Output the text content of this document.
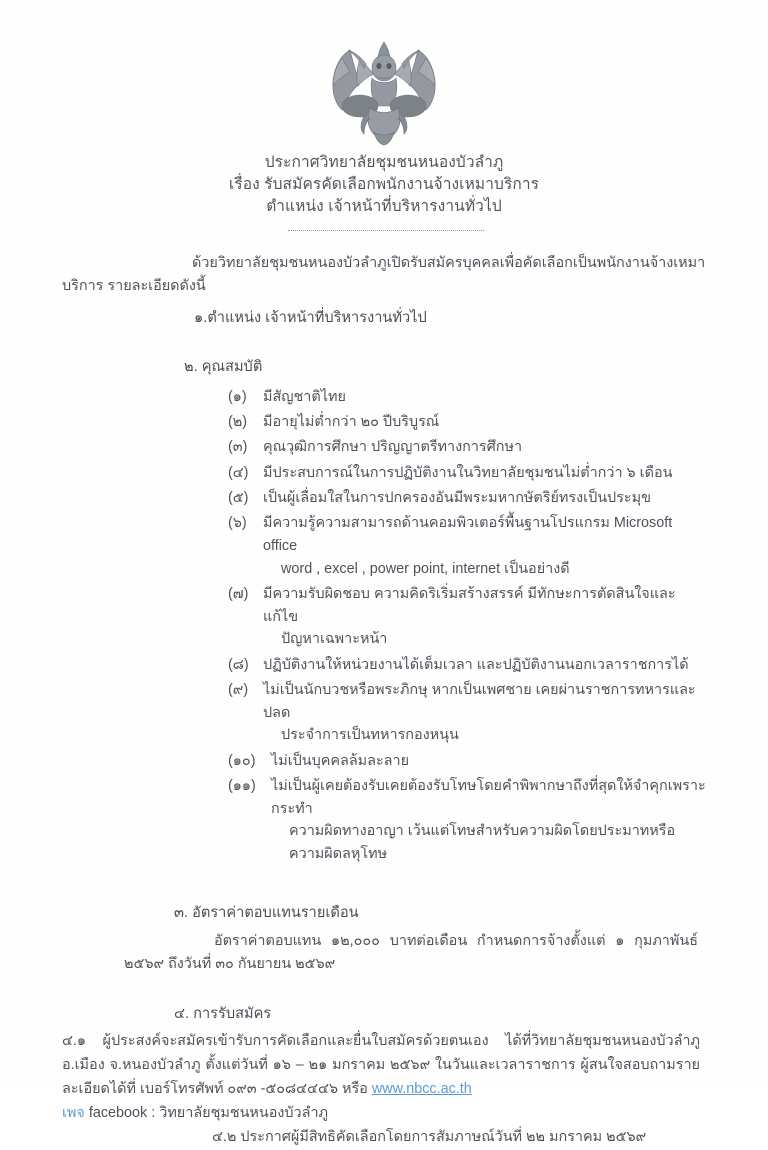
ประกาศวิทยาลัยชุมชนหนองบัวลำภู
เรื่อง รับสมัครคัดเลือกพนักงานจ้างเหมาบริการ
ตำแหน่ง เจ้าหน้าที่บริหารงานทั่วไป

ด้วยวิทยาลัยชุมชนหนองบัวลำภูเปิดรับสมัครบุคคลเพื่อคัดเลือกเป็นพนักงานจ้างเหมาบริการ รายละเอียดดังนี้

๑.ตำแหน่ง เจ้าหน้าที่บริหารงานทั่วไป

๒. คุณสมบัติ

(๑)	มีสัญชาติไทย
(๒)	มีอายุไม่ต่ำกว่า ๒๐ ปีบริบูรณ์
(๓)	คุณวุฒิการศึกษา ปริญญาตรีทางการศึกษา
(๔)	มีประสบการณ์ในการปฏิบัติงานในวิทยาลัยชุมชนไม่ต่ำกว่า ๖ เดือน
(๕)	เป็นผู้เลื่อมใสในการปกครองอันมีพระมหากษัตริย์ทรงเป็นประมุข
(๖)	มีความรู้ความสามารถด้านคอมพิวเตอร์พื้นฐานโปรแกรม Microsoft office
word , excel , power point, internet เป็นอย่างดี
(๗)	มีความรับผิดชอบ ความคิดริเริ่มสร้างสรรค์ มีทักษะการตัดสินใจและแก้ไข
ปัญหาเฉพาะหน้า
(๘) ปฏิบัติงานให้หน่วยงานได้เต็มเวลา และปฏิบัติงานนอกเวลาราชการได้
(๙)	ไม่เป็นนักบวชหรือพระภิกษุ หากเป็นเพศชาย เคยผ่านราชการทหารและปลด
ประจำการเป็นทหารกองหนุน
(๑๐)	ไม่เป็นบุคคลล้มละลาย
(๑๑)	ไม่เป็นผู้เคยต้องรับเคยต้องรับโทษโดยคำพิพากษาถึงที่สุดให้จำคุกเพราะกระทำ
ความผิดทางอาญา เว้นแต่โทษสำหรับความผิดโดยประมาทหรือความผิดลหุโทษ

๓. อัตราค่าตอบแทนรายเดือน

อัตราค่าตอบแทน ๑๒,๐๐๐ บาทต่อเดือน กำหนดการจ้างตั้งแต่ ๑ กุมภาพันธ์ ๒๕๖๙ ถึงวันที่ ๓๐ กันยายน ๒๕๖๙

๔. การรับสมัคร

๔.๑ ผู้ประสงค์จะสมัครเข้ารับการคัดเลือกและยื่นใบสมัครด้วยตนเอง ได้ที่วิทยาลัยชุมชนหนองบัวลำภู อ.เมือง จ.หนองบัวลำภู ตั้งแต่วันที่ ๑๖ – ๒๑ มกราคม ๒๕๖๙ ในวันและเวลาราชการ ผู้สนใจสอบถามรายละเอียดได้ที่ เบอร์โทรศัพท์ ๐๙๓ -๕๐๘๔๔๔๖ หรือ www.nbcc.ac.th
เพจ facebook : วิทยาลัยชุมชนหนองบัวลำภู

๔.๒ ประกาศผู้มีสิทธิคัดเลือกโดยการสัมภาษณ์วันที่ ๒๒ มกราคม ๒๕๖๙
